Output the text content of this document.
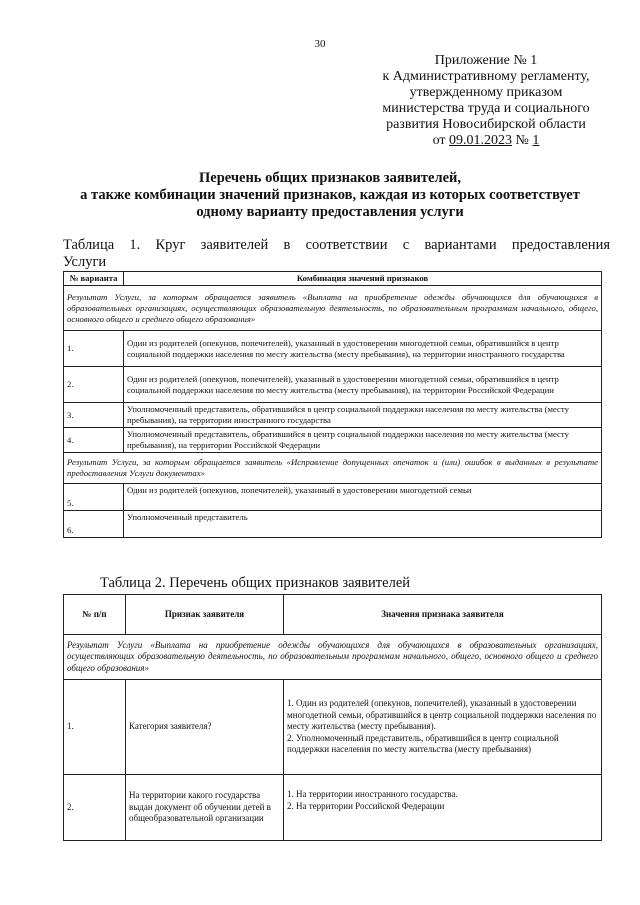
30
Приложение № 1
к Административному регламенту,
утвержденному приказом
министерства труда и социального
развития Новосибирской области
от 09.01.2023 № 1
Перечень общих признаков заявителей,
а также комбинации значений признаков, каждая из которых соответствует
одному варианту предоставления услуги
Таблица 1. Круг заявителей в соответствии с вариантами предоставления
Услуги
№ варианта	Комбинация значений признаков
Результат Услуги, за которым обращается заявитель «Выплата на приобретение одежды обучающихся для обучающихся в образовательных организациях, осуществляющих образовательную деятельность, по образовательным программам начального, общего, основного общего и среднего общего образования»	
1.	Один из родителей (опекунов, попечителей), указанный в удостоверении многодетной семьи, обратившийся в центр социальной поддержки населения по месту жительства (месту пребывания), на территории иностранного государства
2.	Один из родителей (опекунов, попечителей), указанный в удостоверении многодетной семьи, обратившийся в центр социальной поддержки населения по месту жительства (месту пребывания), на территории Российской Федерации
3.	Уполномоченный представитель, обратившийся в центр социальной поддержки населения по месту жительства (месту пребывания), на территории иностранного государства
4.	Уполномоченный представитель, обратившийся в центр социальной поддержки населения по месту жительства (месту пребывания), на территории Российской Федерации
Результат Услуги, за которым обращается заявитель «Исправление допущенных опечаток и (или) ошибок в выданных в результате предоставления Услуги документах»	
5.	Один из родителей (опекунов, попечителей), указанный в удостоверении многодетной семьи
6.	Уполномоченный представитель
Таблица 2. Перечень общих признаков заявителей
№ п/п	Признак заявителя	Значения признака заявителя
Результат Услуги «Выплата на приобретение одежды обучающихся для обучающихся в образовательных организациях, осуществляющих образовательную деятельность, по образовательным программам начального, общего, основного общего и среднего общего образования»		
1.	Категория заявителя?	1. Один из родителей (опекунов, попечителей), указанный в удостоверении многодетной семьи, обратившийся в центр социальной поддержки населения по месту жительства (месту пребывания).
2. Уполномоченный представитель, обратившийся в центр социальной поддержки населения по месту жительства (месту пребывания)

2.	На территории какого государства выдан документ об обучении детей в общеобразовательной организации	1. На территории иностранного государства.
2. На территории Российской Федерации
